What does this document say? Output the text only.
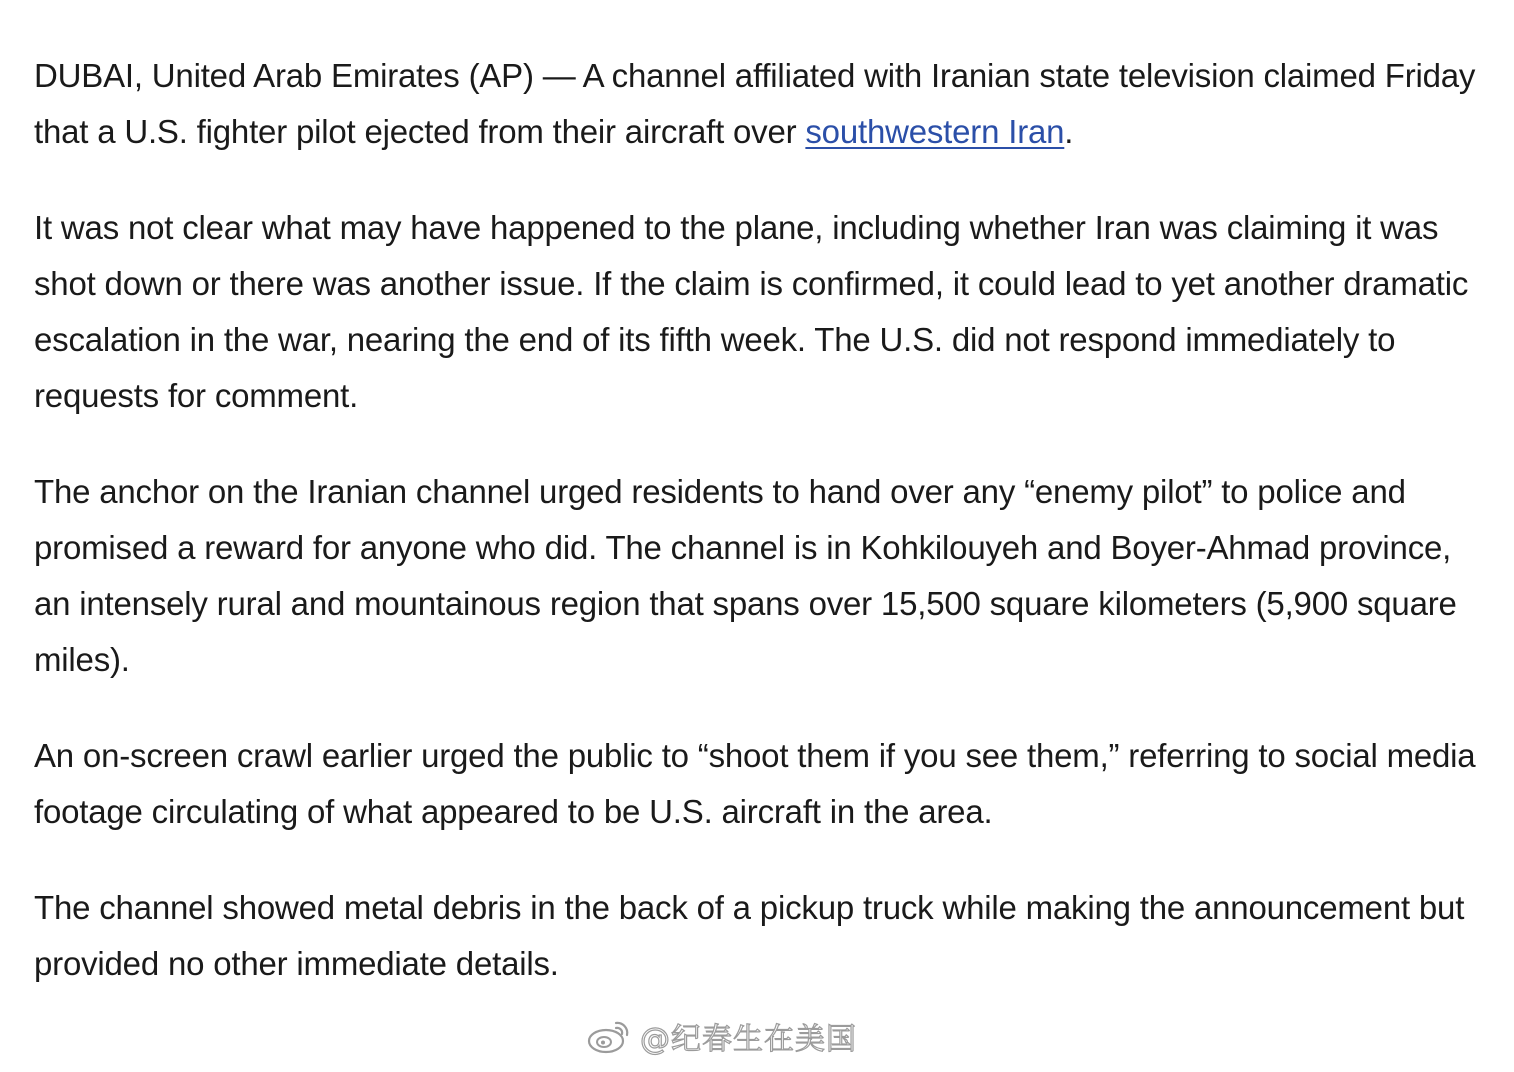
DUBAI, United Arab Emirates (AP) — A channel affiliated with Iranian state television claimed Friday that a U.S. fighter pilot ejected from their aircraft over southwestern Iran.

It was not clear what may have happened to the plane, including whether Iran was claiming it was shot down or there was another issue. If the claim is confirmed, it could lead to yet another dramatic escalation in the war, nearing the end of its fifth week. The U.S. did not respond immediately to requests for comment.

The anchor on the Iranian channel urged residents to hand over any “enemy pilot” to police and promised a reward for anyone who did. The channel is in Kohkilouyeh and Boyer-Ahmad province, an intensely rural and mountainous region that spans over 15,500 square kilometers (5,900 square miles).

An on-screen crawl earlier urged the public to “shoot them if you see them,” referring to social media footage circulating of what appeared to be U.S. aircraft in the area.

The channel showed metal debris in the back of a pickup truck while making the announcement but provided no other immediate details.

@纪春生在美国
